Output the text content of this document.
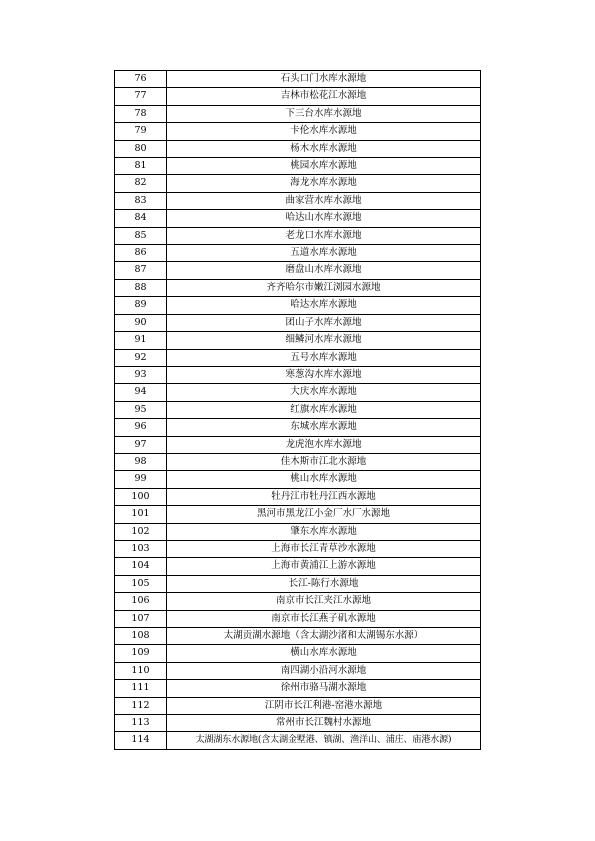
76	石头口门水库水源地
77	吉林市松花江水源地
78	下三台水库水源地
79	卡伦水库水源地
80	杨木水库水源地
81	桃园水库水源地
82	海龙水库水源地
83	曲家营水库水源地
84	哈达山水库水源地
85	老龙口水库水源地
86	五道水库水源地
87	磨盘山水库水源地
88	齐齐哈尔市嫩江浏园水源地
89	哈达水库水源地
90	团山子水库水源地
91	细鳞河水库水源地
92	五号水库水源地
93	寒葱沟水库水源地
94	大庆水库水源地
95	红旗水库水源地
96	东城水库水源地
97	龙虎泡水库水源地
98	佳木斯市江北水源地
99	桃山水库水源地
100	牡丹江市牡丹江西水源地
101	黑河市黑龙江小金厂水厂水源地
102	肇东水库水源地
103	上海市长江青草沙水源地
104	上海市黄浦江上游水源地
105	长江-陈行水源地
106	南京市长江夹江水源地
107	南京市长江燕子矶水源地
108	太湖贡湖水源地（含太湖沙渚和太湖锡东水源）
109	横山水库水源地
110	南四湖小沿河水源地
111	徐州市骆马湖水源地
112	江阴市长江利港-窑港水源地
113	常州市长江魏村水源地
114	太湖湖东水源地(含太湖金墅港、镇湖、渔洋山、浦庄、庙港水源)
